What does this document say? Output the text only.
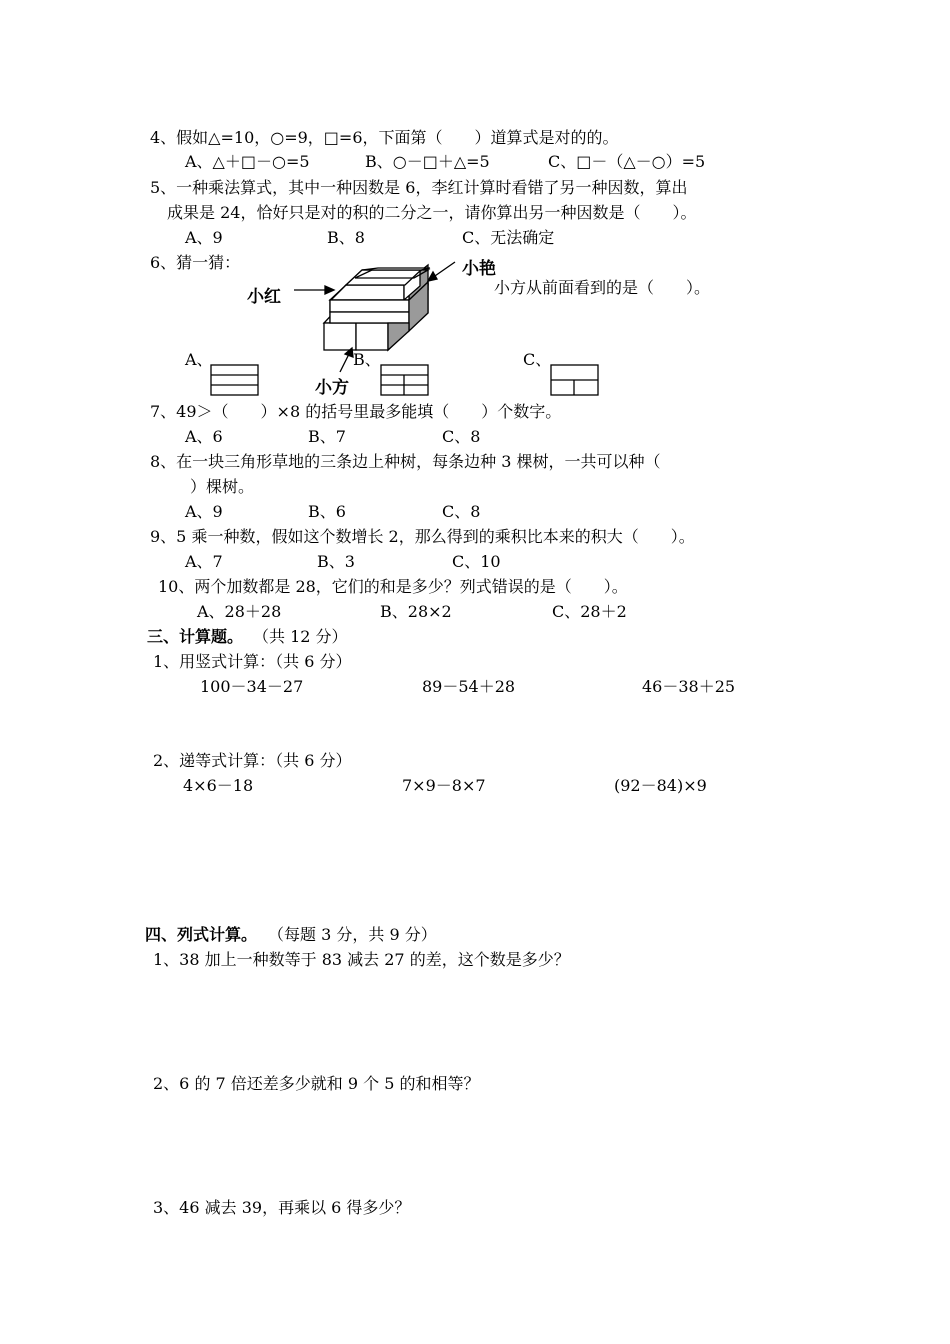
4、假如△=10，○=9，□=6，下面第（　　）道算式是对的的。
A、△＋□－○=5	B、○－□＋△=5	C、□－（△－○）=5
5、一种乘法算式，其中一种因数是 6，李红计算时看错了另一种因数，算出
成果是 24，恰好只是对的积的二分之一，请你算出另一种因数是（　　）。
A、9	B、8	C、无法确定
6、猜一猜：
小红
小艳
小方
小方从前面看到的是（　　）。
A、	B、	C、
7、49＞（　　）×8 的括号里最多能填（　　）个数字。
A、6	B、7	C、8
8、在一块三角形草地的三条边上种树，每条边种 3 棵树，一共可以种（
）棵树。
A、9	B、6	C、8
9、5 乘一种数，假如这个数增长 2，那么得到的乘积比本来的积大（　　）。
A、7	B、3	C、10
10、两个加数都是 28，它们的和是多少？列式错误的是（　　）。
A、28＋28	B、28×2	C、28＋2
三、计算题。 （共 12 分）
1、用竖式计算：（共 6 分）
100－34－27	89－54＋28	46－38＋25
2、递等式计算：（共 6 分）
4×6－18	7×9－8×7	(92－84)×9
四、列式计算。 （每题 3 分，共 9 分）
1、38 加上一种数等于 83 减去 27 的差，这个数是多少？
2、6 的 7 倍还差多少就和 9 个 5 的和相等？
3、46 减去 39，再乘以 6 得多少？
